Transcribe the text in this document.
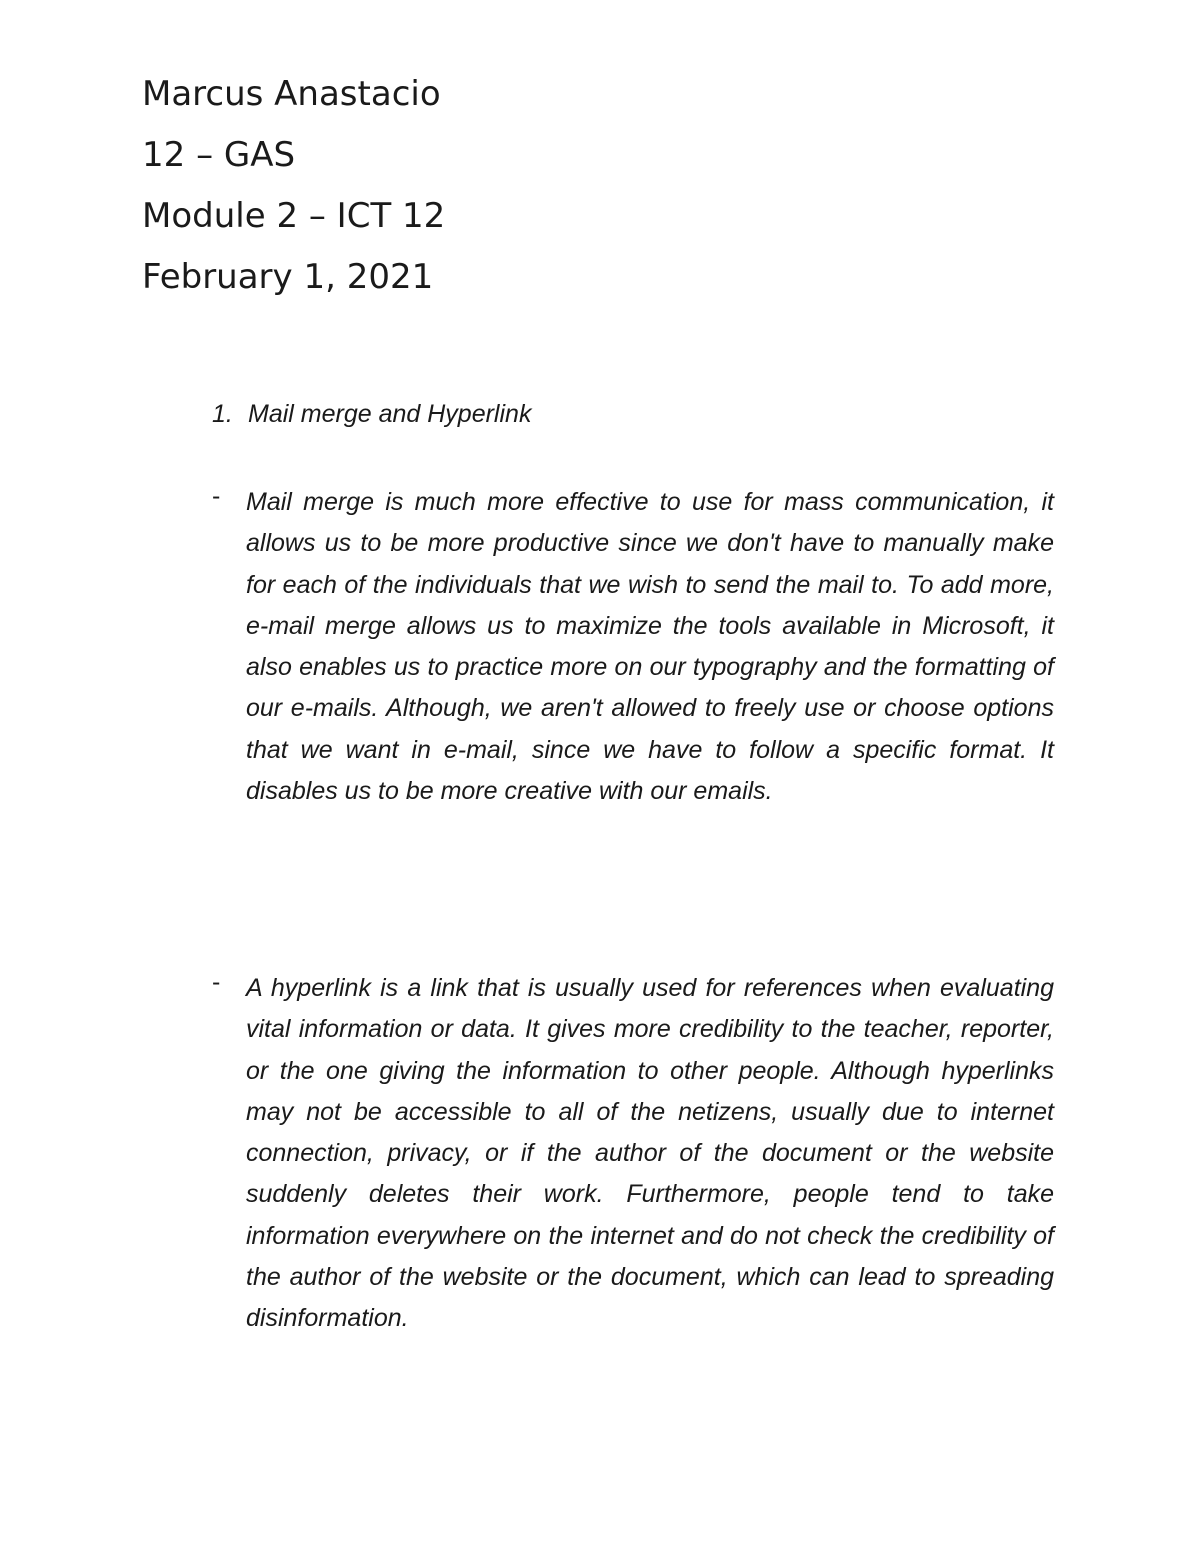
Marcus Anastacio
12 – GAS
Module 2 – ICT 12
February 1, 2021
1. Mail merge and Hyperlink
- Mail merge is much more effective to use for mass communication, it allows us to be more productive since we don't have to manually make for each of the individuals that we wish to send the mail to. To add more, e-mail merge allows us to maximize the tools available in Microsoft, it also enables us to practice more on our typography and the formatting of our e-mails. Although, we aren't allowed to freely use or choose options that we want in e-mail, since we have to follow a specific format. It disables us to be more creative with our emails.
- A hyperlink is a link that is usually used for references when evaluating vital information or data. It gives more credibility to the teacher, reporter, or the one giving the information to other people. Although hyperlinks may not be accessible to all of the netizens, usually due to internet connection, privacy, or if the author of the document or the website suddenly deletes their work. Furthermore, people tend to take information everywhere on the internet and do not check the credibility of the author of the website or the document, which can lead to spreading disinformation.
